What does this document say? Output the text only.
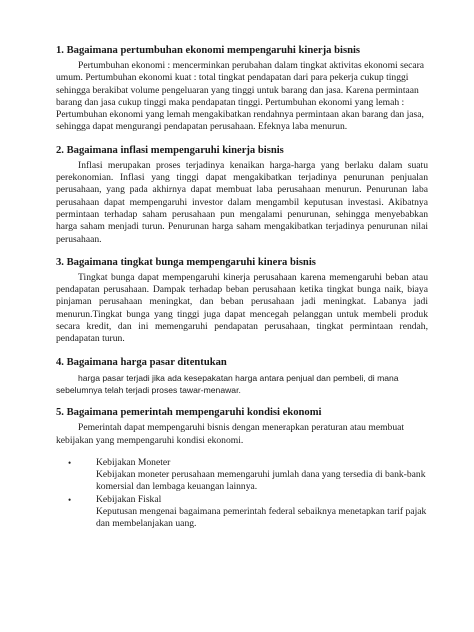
1. Bagaimana pertumbuhan ekonomi mempengaruhi kinerja bisnis

Pertumbuhan ekonomi : mencerminkan perubahan dalam tingkat aktivitas ekonomi secara umum. Pertumbuhan ekonomi kuat : total tingkat pendapatan dari para pekerja cukup tinggi sehingga berakibat volume pengeluaran yang tinggi untuk barang dan jasa. Karena permintaan barang dan jasa cukup tinggi maka pendapatan tinggi. Pertumbuhan ekonomi yang lemah : Pertumbuhan ekonomi yang lemah mengakibatkan rendahnya permintaan akan barang dan jasa, sehingga dapat mengurangi pendapatan perusahaan. Efeknya laba menurun.

2. Bagaimana inflasi mempengaruhi kinerja bisnis

Inflasi merupakan proses terjadinya kenaikan harga-harga yang berlaku dalam suatu perekonomian. Inflasi yang tinggi dapat mengakibatkan terjadinya penurunan penjualan perusahaan, yang pada akhirnya dapat membuat laba perusahaan menurun. Penurunan laba perusahaan dapat mempengaruhi investor dalam mengambil keputusan investasi. Akibatnya permintaan terhadap saham perusahaan pun mengalami penurunan, sehingga menyebabkan harga saham menjadi turun. Penurunan harga saham mengakibatkan terjadinya penurunan nilai perusahaan.

3. Bagaimana tingkat bunga mempengaruhi kinera bisnis

Tingkat bunga dapat mempengaruhi kinerja perusahaan karena memengaruhi beban atau pendapatan perusahaan. Dampak terhadap beban perusahaan ketika tingkat bunga naik, biaya pinjaman perusahaan meningkat, dan beban perusahaan jadi meningkat. Labanya jadi menurun.Tingkat bunga yang tinggi juga dapat mencegah pelanggan untuk membeli produk secara kredit, dan ini memengaruhi pendapatan perusahaan, tingkat permintaan rendah, pendapatan turun.

4. Bagaimana harga pasar ditentukan

harga pasar terjadi jika ada kesepakatan harga antara penjual dan pembeli, di mana sebelumnya telah terjadi proses tawar-menawar.

5. Bagaimana pemerintah mempengaruhi kondisi ekonomi

Pemerintah dapat mempengaruhi bisnis dengan menerapkan peraturan atau membuat kebijakan yang mempengaruhi kondisi ekonomi.

•	Kebijakan Moneter
Kebijakan moneter perusahaan memengaruhi jumlah dana yang tersedia di bank-bank komersial dan lembaga keuangan lainnya.
•	Kebijakan Fiskal
Keputusan mengenai bagaimana pemerintah federal sebaiknya menetapkan tarif pajak dan membelanjakan uang.
